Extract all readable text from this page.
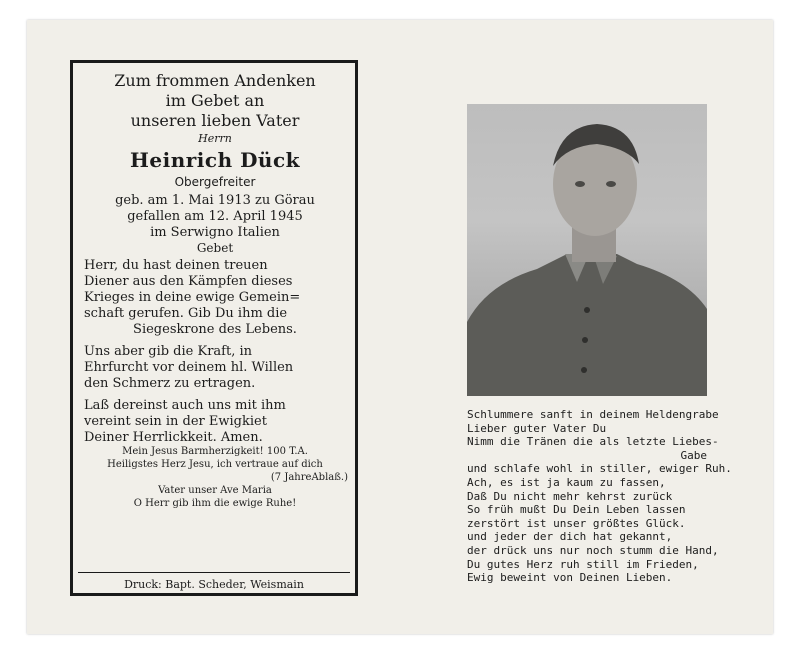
Zum frommen Andenken
im Gebet an
unseren lieben Vater
Herrn
Heinrich Dück
Obergefreiter
geb. am 1. Mai 1913 zu Görau
gefallen am 12. April 1945
im Serwigno Italien
Gebet
Herr, du hast deinen treuen
Diener aus den Kämpfen dieses
Krieges in deine ewige Gemein=
schaft gerufen. Gib Du ihm die
Siegeskrone des Lebens.
Uns aber gib die Kraft, in
Ehrfurcht vor deinem hl. Willen
den Schmerz zu ertragen.
Laß dereinst auch uns mit ihm
vereint sein in der Ewigkiet
Deiner Herrlickkeit. Amen.
Mein Jesus Barmherzigkeit! 100 T.A.
Heiligstes Herz Jesu, ich vertraue auf dich
(7 JahreAblaß.)
Vater unser Ave Maria
O Herr gib ihm die ewige Ruhe!
Druck: Bapt. Scheder, Weismain
Schlummere sanft in deinem Heldengrabe
Lieber guter Vater Du
Nimm die Tränen die als letzte Liebes-
Gabe
und schlafe wohl in stiller, ewiger Ruh.
Ach, es ist ja kaum zu fassen,
Daß Du nicht mehr kehrst zurück
So früh mußt Du Dein Leben lassen
zerstört ist unser größtes Glück.
und jeder der dich hat gekannt,
der drück uns nur noch stumm die Hand,
Du gutes Herz ruh still im Frieden,
Ewig beweint von Deinen Lieben.
